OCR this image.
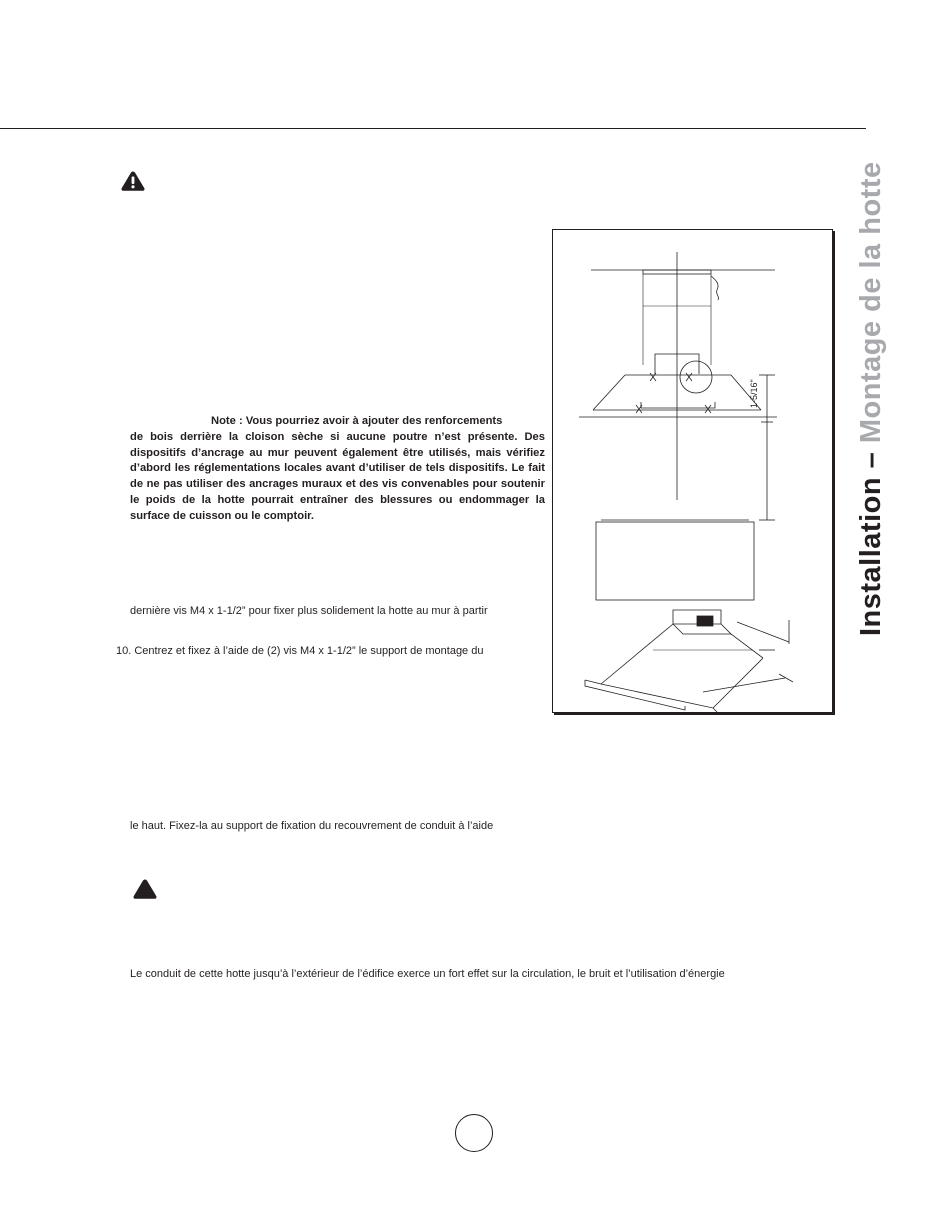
Note : Vous pourriez avoir à ajouter des renforcements
de bois derrière la cloison sèche si aucune poutre n’est présente. Des dispositifs d’ancrage au mur peuvent également être utilisés, mais vérifiez d’abord les réglementations locales avant d’utiliser de tels dispositifs. Le fait de ne pas utiliser des ancrages muraux et des vis convenables pour soutenir le poids de la hotte pourrait entraîner des blessures ou endommager la surface de cuisson ou le comptoir.
dernière vis M4 x 1-1/2” pour fixer plus solidement la hotte au mur à partir
10. Centrez et fixez à l’aide de (2) vis M4 x 1-1/2” le support de montage du
le haut. Fixez-la au support de fixation du recouvrement de conduit à l’aide
Le conduit de cette hotte jusqu’à l’extérieur de l’édifice exerce un fort effet sur la circulation, le bruit et l’utilisation d’énergie
1-5/16"
Installation – Montage de la hotte
